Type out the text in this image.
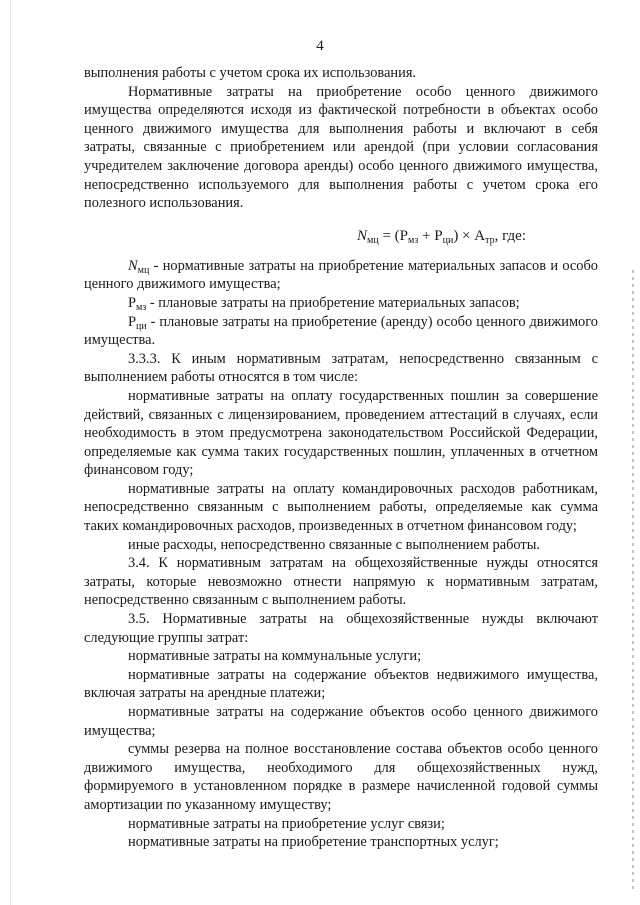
4

выполнения работы с учетом срока их использования.

Нормативные затраты на приобретение особо ценного движимого имущества определяются исходя из фактической потребности в объектах особо ценного движимого имущества для выполнения работы и включают в себя затраты, связанные с приобретением или арендой (при условии согласования учредителем заключение договора аренды) особо ценного движимого имущества, непосредственно используемого для выполнения работы с учетом срока его полезного использования.

$N_{мц} = (P_{мз} + P_{ци}) \times A_{тр}$, где:

$N_{мц}$ - нормативные затраты на приобретение материальных запасов и особо ценного движимого имущества;

$P_{мз}$ - плановые затраты на приобретение материальных запасов;

$P_{ци}$ - плановые затраты на приобретение (аренду) особо ценного движимого имущества.

3.3.3. К иным нормативным затратам, непосредственно связанным с выполнением работы относятся в том числе:

нормативные затраты на оплату государственных пошлин за совершение действий, связанных с лицензированием, проведением аттестаций в случаях, если необходимость в этом предусмотрена законодательством Российской Федерации, определяемые как сумма таких государственных пошлин, уплаченных в отчетном финансовом году;

нормативные затраты на оплату командировочных расходов работникам, непосредственно связанным с выполнением работы, определяемые как сумма таких командировочных расходов, произведенных в отчетном финансовом году;

иные расходы, непосредственно связанные с выполнением работы.

3.4. К нормативным затратам на общехозяйственные нужды относятся затраты, которые невозможно отнести напрямую к нормативным затратам, непосредственно связанным с выполнением работы.

3.5. Нормативные затраты на общехозяйственные нужды включают следующие группы затрат:

нормативные затраты на коммунальные услуги;

нормативные затраты на содержание объектов недвижимого имущества, включая затраты на арендные платежи;

нормативные затраты на содержание объектов особо ценного движимого имущества;

суммы резерва на полное восстановление состава объектов особо ценного движимого имущества, необходимого для общехозяйственных нужд, формируемого в установленном порядке в размере начисленной годовой суммы амортизации по указанному имуществу;

нормативные затраты на приобретение услуг связи;

нормативные затраты на приобретение транспортных услуг;
